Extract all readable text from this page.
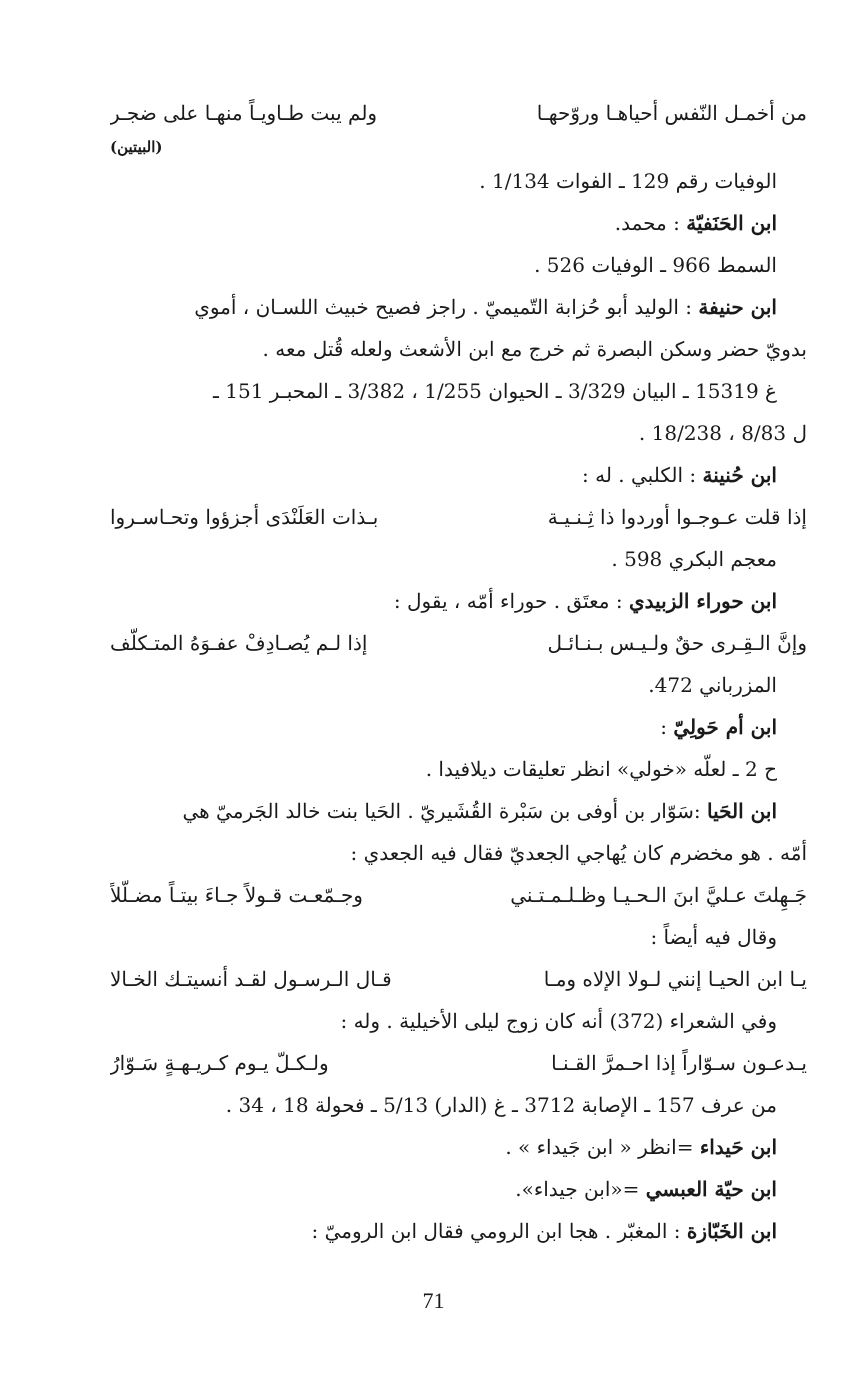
من أخمـل النّفس أحياهـا وروّحهـا
ولم يبت طـاويـاً منهـا على ضجـر
(البيتين)
الوفيات رقم 129 ـ الفوات 1/134 .
ابن الحَنَفيّة : محمد.
السمط 966 ـ الوفيات 526 .
ابن حنيفة : الوليد أبو حُزابة التّميميّ . راجز فصيح خبيث اللسـان ، أموي
بدويّ حضر وسكن البصرة ثم خرج مع ابن الأشعث ولعله قُتل معه .
غ 15319 ـ البيان 3/329 ـ الحيوان 1/255 ، 3/382 ـ المحبـر 151 ـ
ل 8/83 ، 18/238 .
ابن حُنينة : الكلبي . له :
إذا قلت عـوجـوا أوردوا ذا ثِـنـيـة
بـذات العَلَنْدَى أجزؤوا وتحـاسـروا
معجم البكري 598 .
ابن حوراء الزبيدي : معتَق . حوراء أمّه ، يقول :
وإنَّ الـقِـرى حقٌ ولـيـس بـنـائـل
إذا لـم يُصـادِفْ عفـوَهُ المتـكلّف
المزرباني 472.
ابن أم حَولِيّ :
ح 2 ـ لعلّه «خولي» انظر تعليقات ديلافيدا .
ابن الحَيا :سَوّار بن أوفى بن سَبْرة القُشَيريّ . الحَيا بنت خالد الجَرميّ هي
أمّه . هو مخضرم كان يُهاجي الجعديّ فقال فيه الجعدي :
جَـهِلتَ عـليَّ ابنَ الـحـيـا وظـلـمـتـني
وجـمّعـت قـولاً جـاءَ بيتـاً مضـلّلاً
وقال فيه أيضاً :
يـا ابن الحيـا إنني لـولا الإلاه ومـا
قـال الـرسـول لقـد أنسيتـك الخـالا
وفي الشعراء (372) أنه كان زوج ليلى الأخيلية . وله :
يـدعـون سـوّاراً إذا احـمرَّ القـنـا
ولـكـلّ يـوم كـريـهـةٍ سَـوّارُ
من عرف 157 ـ الإصابة 3712 ـ غ (الدار) 5/13 ـ فحولة 18 ، 34 .
ابن حَيداء =انظر « ابن جَيداء » .
ابن حيّة العبسي =«ابن جيداء».
ابن الخَبّازة : المغبّر . هجا ابن الرومي فقال ابن الروميّ :
71
